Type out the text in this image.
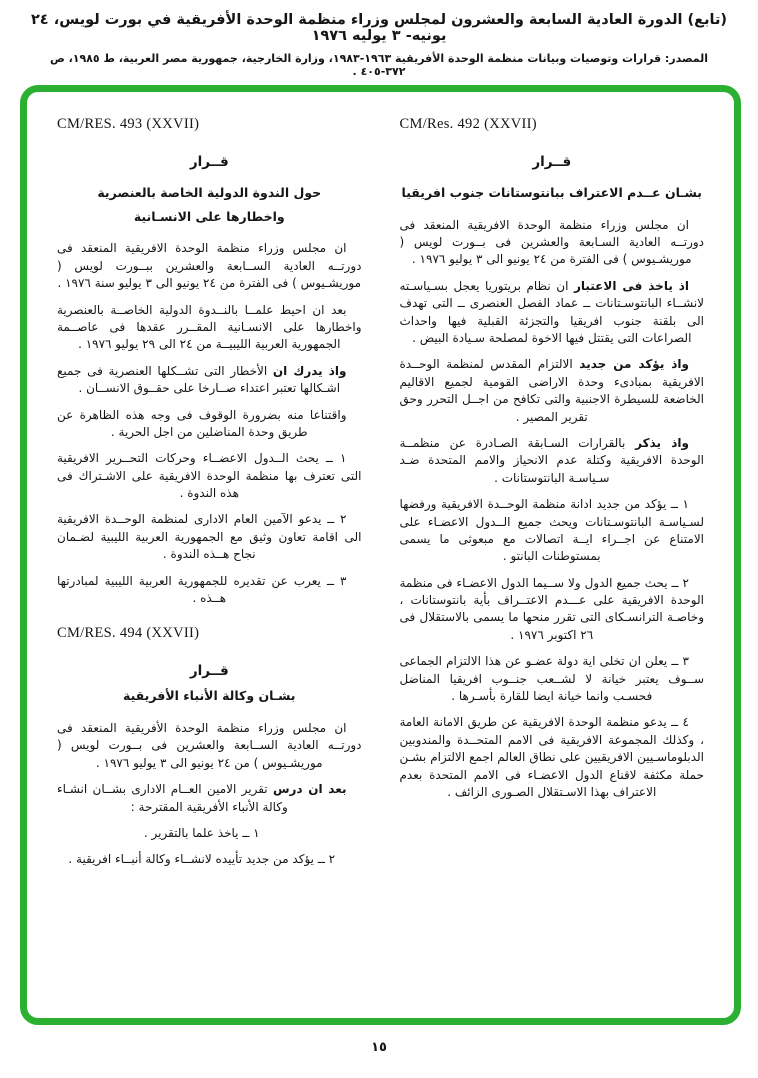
(تابع) الدورة العادية السابعة والعشرون لمجلس وزراء منظمة الوحدة الأفريقية في بورت لويس، ٢٤ يونيه- ٣ يوليه ١٩٧٦
المصدر: قرارات وتوصيات وبيانات منظمة الوحدة الأفريقية ١٩٦٣-١٩٨٣، وزارة الخارجية، جمهورية مصر العربية، ط ١٩٨٥، ص ٣٧٢-٤٠٥ .
CM/Res. 492 (XXVII)
قــرار
بشـان عــدم الاعتراف ببانتوستانات جنوب افريقيا

ان مجلس وزراء منظمة الوحدة الافريقية المنعقد فى دورتــه العادية السـابعة والعشرين فى بــورت لويس ( موريشـيوس ) فى الفترة من ٢٤ يونيو الى ٣ يوليو ١٩٧٦ .

اذ ياخذ فى الاعتبار ان نظام بريتوريا يعجل بسـياسـته لانشــاء البانتوسـتانات ــ عماد الفصل العنصرى ــ التى تهدف الى بلقنة جنوب افريقيا والتجزئة القبلية فيها واحداث الصراعات التى يقتتل فيها الاخوة لمصلحة سـيادة البيض .

واذ يؤكد من جديد الالتزام المقدس لمنظمة الوحــدة الافريقية بمبادىء وحدة الاراضى القومية لجميع الاقاليم الخاضعة للسيطرة الاجنبية والتى تكافح من اجــل التحرر وحق تقرير المصير .

واذ يذكر بالقرارات السـابقة الصـادرة عن منظمــة الوحدة الافريقية وكتلة عدم الانحياز والامم المتحدة ضـد سـياسـة البانتوستانات .

١ ــ يؤكد من جديد ادانة منظمة الوحــدة الافريقية ورفضها لسـياسـة البانتوسـتانات ويحث جميع الــدول الاعضـاء على الامتناع عن اجــراء ايــة اتصالات مع مبعوثى ما يسمى بمستوطنات البانتو .

٢ ــ يحث جميع الدول ولا ســيما الدول الاعضـاء فى منظمة الوحدة الافريقية على عـــدم الاعتــراف بأية بانتوستانات ، وخاصـة الترانسـكاى التى تقرر منحها ما يسمى بالاستقلال فى ٢٦ اكتوبر ١٩٧٦ .

٣ ــ يعلن ان تخلى اية دولة عضـو عن هذا الالتزام الجماعى ســوف يعتبر خيانة لا لشــعب جنــوب افريقيا المناضل فحسـب وانما خيانة ايضا للقارة بأسـرها .

٤ ــ يدعو منظمة الوحدة الافريقية عن طريق الامانة العامة ، وكذلك المجموعة الافريقية فى الامم المتحــدة والمندوبين الدبلوماسـيين الافريقيين على نطاق العالم اجمع الالتزام بشـن حملة مكثفة لاقناع الدول الاعضـاء فى الامم المتحدة بعدم الاعتراف بهذا الاسـتقلال الصـورى الزائف .

CM/RES. 493 (XXVII)
قــرار
حول الندوة الدولية الخاصة بالعنصرية
واخطارها على الانسـانية

ان مجلس وزراء منظمة الوحدة الافريقية المنعقد فى دورتــه العادية الســابعة والعشرين ببــورت لويس ( موريشـيوس ) فى الفترة من ٢٤ يونيو الى ٣ يوليو سنة ١٩٧٦ .

بعد ان احيط علمــا بالنــدوة الدولية الخاصــة بالعنصرية واخطارها على الانسـانية المقــرر عقدها فى عاصــمة الجمهورية العربية الليبيــة من ٢٤ الى ٢٩ يوليو ١٩٧٦ .

واذ يدرك ان الأخطار التى تشــكلها العنصرية فى جميع اشـكالها تعتبر اعتداء صــارخا على حقــوق الانســان .

واقتناعا منه بضرورة الوقوف فى وجه هذه الظاهرة عن طريق وحدة المناضلين من اجل الحرية .

١ ــ يحث الــدول الاعضــاء وحركات التحــرير الافريقية التى تعترف بها منظمة الوحدة الافريقية على الاشـتراك فى هذه الندوة .

٢ ــ يدعو الآمين العام الادارى لمنظمة الوحــدة الافريقية الى اقامة تعاون وثيق مع الجمهورية العربية الليبية لضـمان نجاح هــذه الندوة .

٣ ــ يعرب عن تقديره للجمهورية العربية الليبية لمبادرتها هــذه .

CM/RES. 494 (XXVII)
قــرار
بشـان وكالة الأنباء الأفريقية

ان مجلس وزراء منظمة الوحدة الأفريقية المنعقد فى دورتــه العادية الســابعة والعشرين فى بــورت لويس ( موريشـيوس ) من ٢٤ يونيو الى ٣ يوليو ١٩٧٦ .

بعد ان درس تقرير الامين العــام الادارى بشــان انشـاء وكالة الأنباء الأفريقية المقترحة :

١ ــ ياخذ علما بالتقرير .

٢ ــ يؤكد من جديد تأييده لانشــاء وكالة أنبــاء افريقية .

١٥
